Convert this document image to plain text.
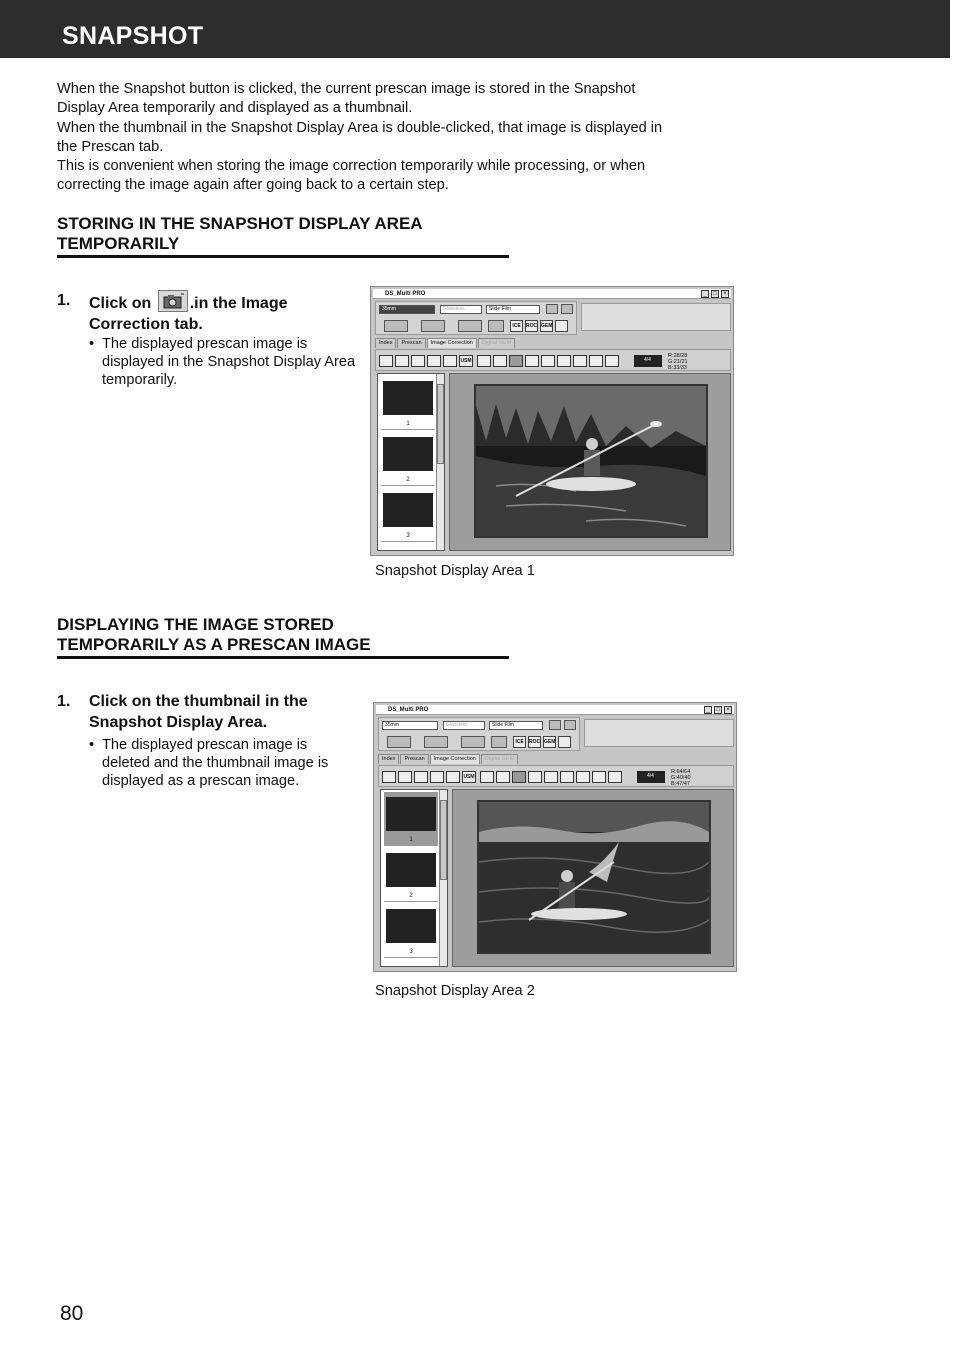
SNAPSHOT

When the Snapshot button is clicked, the current prescan image is stored in the Snapshot

Display Area temporarily and displayed as a thumbnail.

When the thumbnail in the Snapshot Display Area is double-clicked, that image is displayed in

the Prescan tab.

This is convenient when storing the image correction temporarily while processing, or when

correcting the image again after going back to a certain step.

STORING IN THE SNAPSHOT DISPLAY AREA
TEMPORARILY
1. Click on .in the Image
Correction tab.
• The displayed prescan image is displayed in the Snapshot Display Area temporarily.
DS_Multi PRO	_	□	×
35mm	Glassless	Slide Film
ICE	ROC GEM
Index Prescan Image Correction Digital GEM
USM	4/4
R:28/28
G:21/21
B:33/33
1
2
3
Snapshot Display Area 1
DISPLAYING THE IMAGE STORED
TEMPORARILY AS A PRESCAN IMAGE
1. Click on the thumbnail in the
Snapshot Display Area.
• The displayed prescan image is deleted and the thumbnail image is displayed as a prescan image.
DS_Multi PRO	_	□	×
35mm	Glassless	Slide Film
ICE	ROC GEM
Index Prescan Image Correction Digital GEM
USM	4/4
R:64/64
G:40/40
B:47/47
1
2
3
Snapshot Display Area 2
80
